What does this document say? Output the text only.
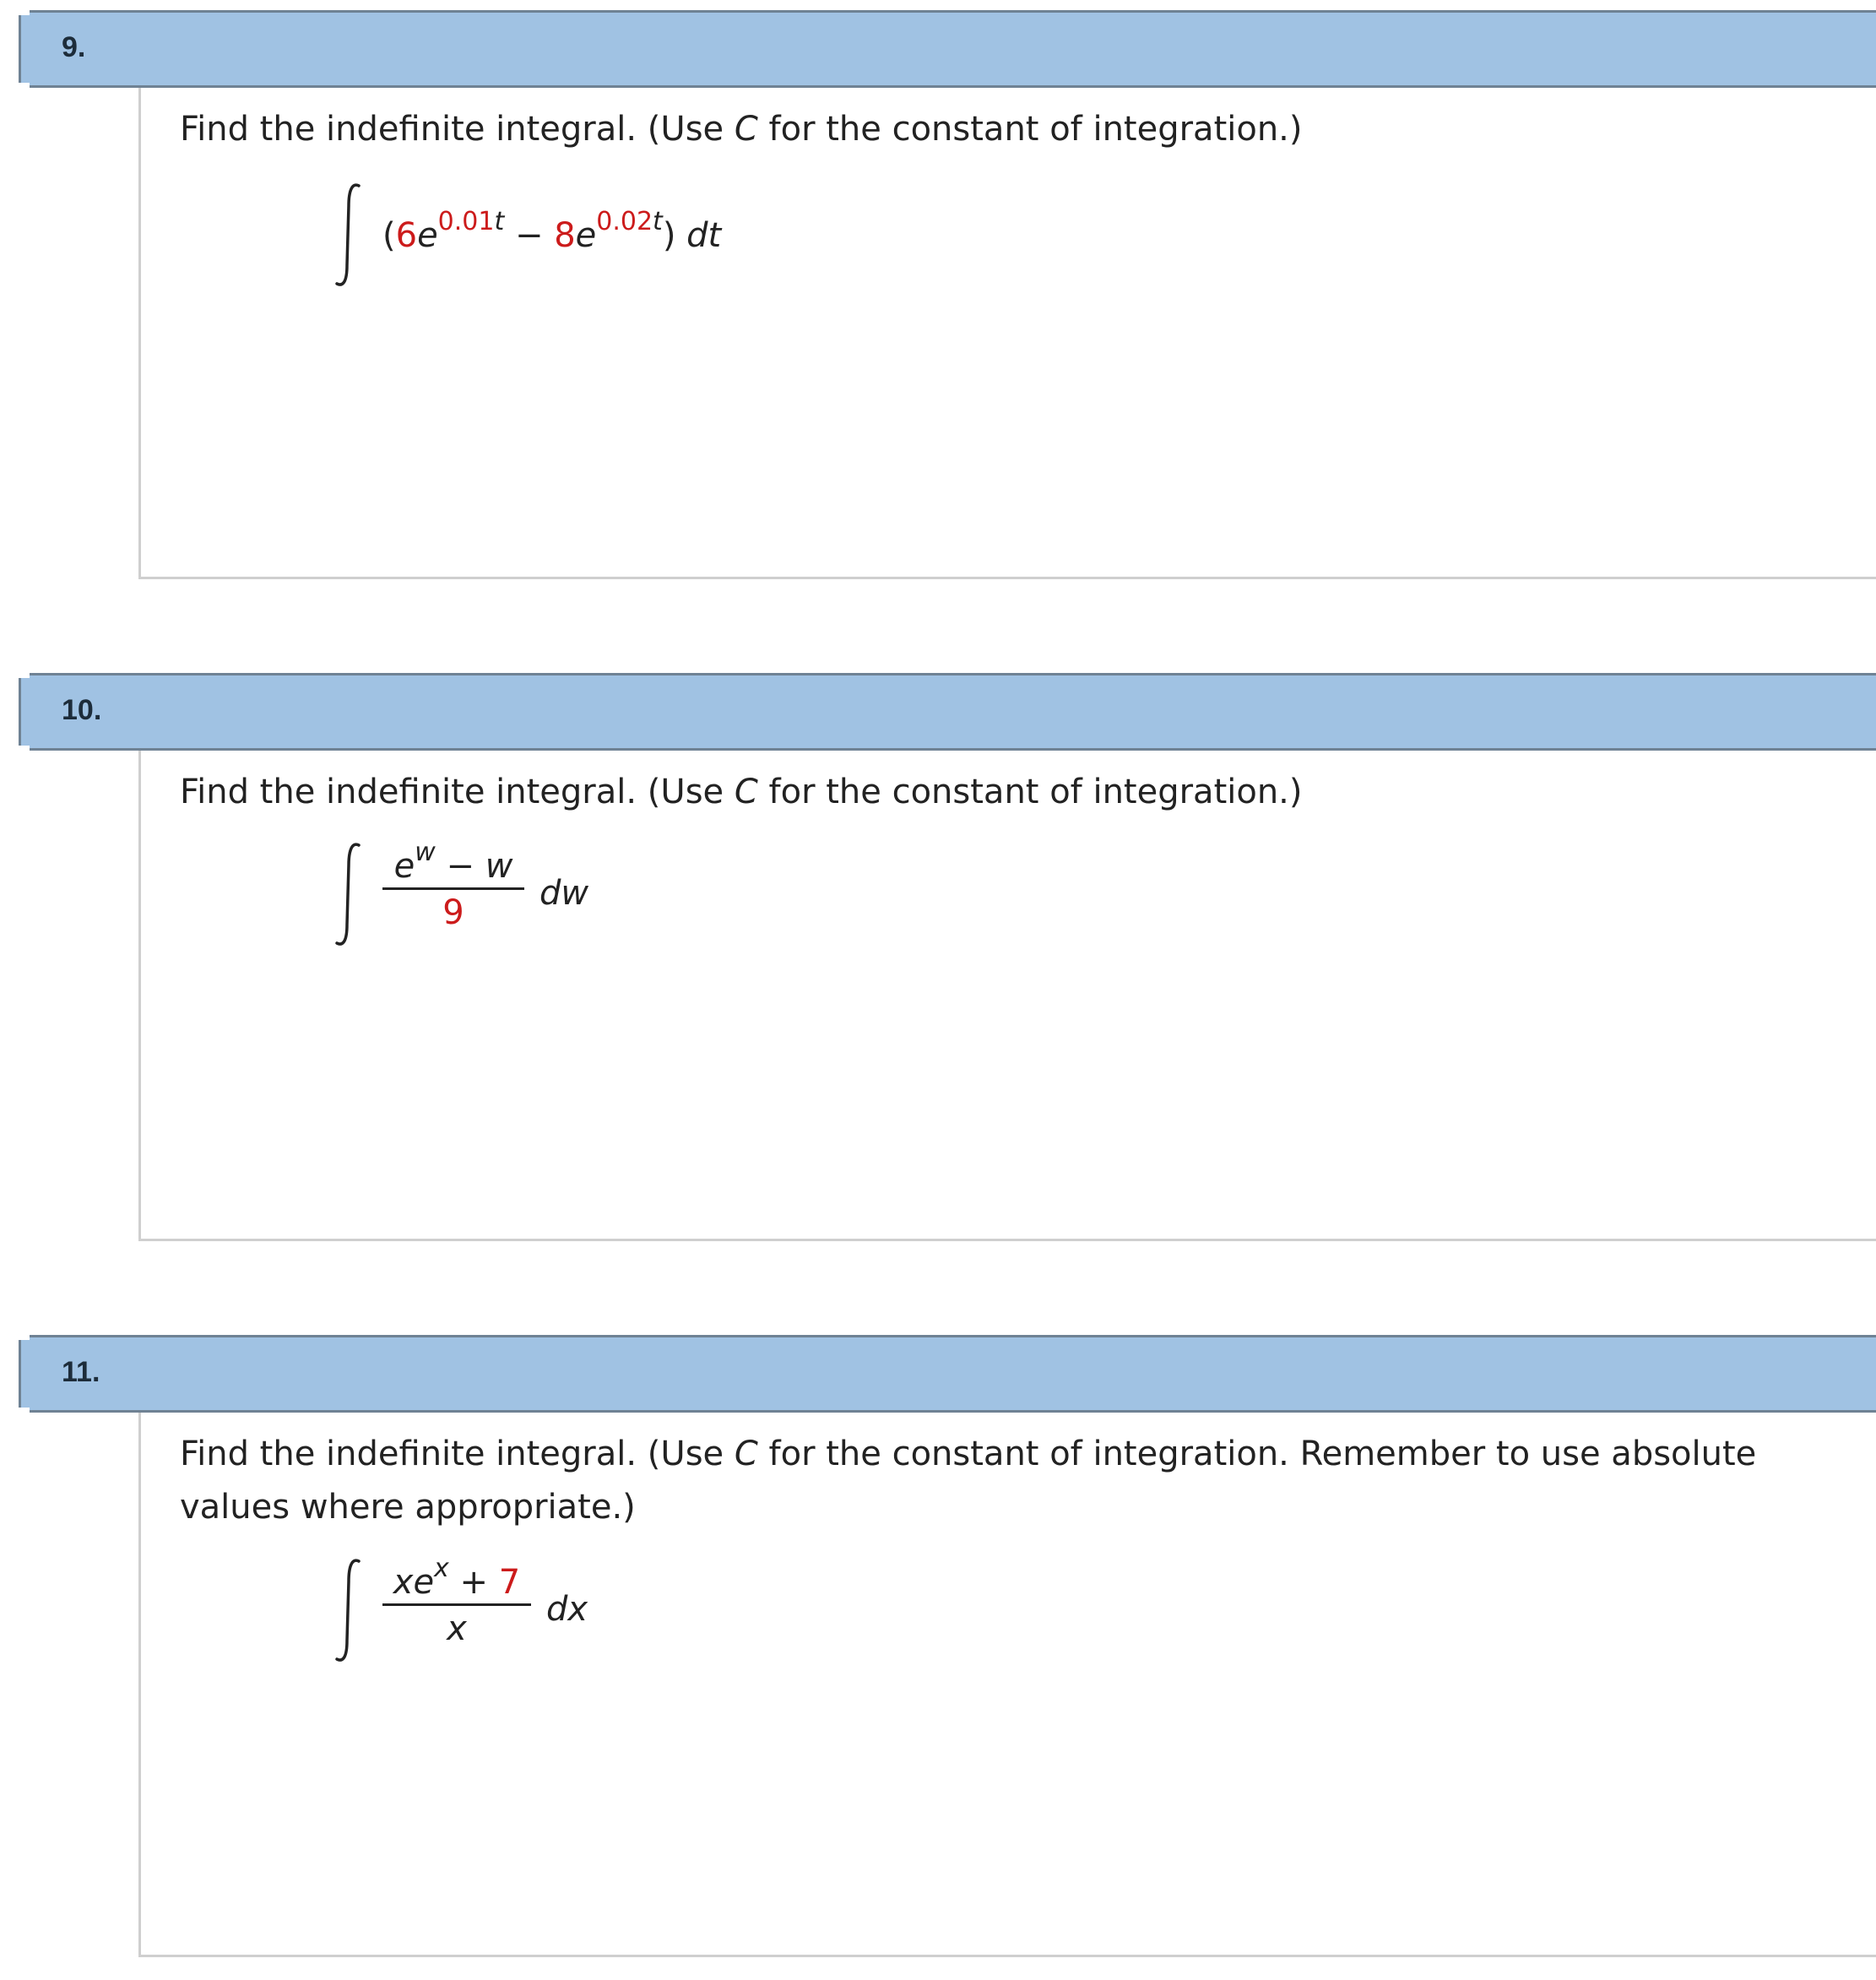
9.

Find the indefinite integral. (Use C for the constant of integration.)

$(6e^{0.01t} - 8e^{0.02t})$ dt
10.

Find the indefinite integral. (Use C for the constant of integration.)

$e^w - w$
9	dw
11.

Find the indefinite integral. (Use C for the constant of integration. Remember to use absolute values where appropriate.)

$xe^x + 7$
x	dx
